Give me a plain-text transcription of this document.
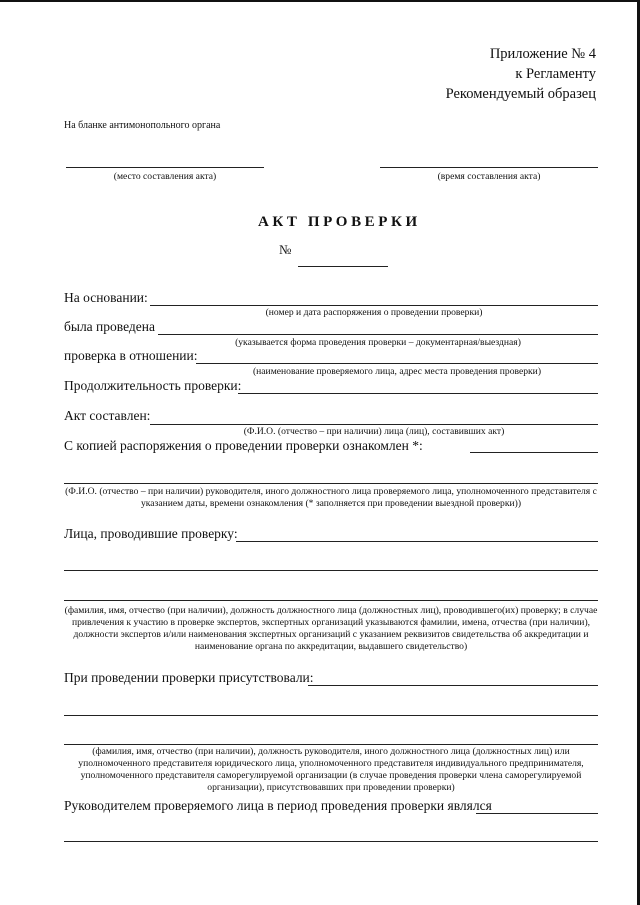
Приложение № 4
к Регламенту
Рекомендуемый образец
На бланке антимонопольного органа
(место составления акта)	(время составления акта)
АКТ ПРОВЕРКИ
№
На основании:
(номер и дата распоряжения о проведении проверки)
была проведена
(указывается форма проведения проверки – документарная/выездная)
проверка в отношении:
(наименование проверяемого лица, адрес места проведения проверки)
Продолжительность проверки:
Акт составлен:
(Ф.И.О. (отчество – при наличии) лица (лиц), составивших акт)
С копией распоряжения о проведении проверки ознакомлен *:
(Ф.И.О. (отчество – при наличии) руководителя, иного должностного лица проверяемого лица, уполномоченного представителя с указанием даты, времени ознакомления (* заполняется при проведении выездной проверки))
Лица, проводившие проверку:
(фамилия, имя, отчество (при наличии), должность должностного лица (должностных лиц), проводившего(их) проверку; в случае привлечения к участию в проверке экспертов, экспертных организаций указываются фамилии, имена, отчества (при наличии), должности экспертов и/или наименования экспертных организаций с указанием реквизитов свидетельства об аккредитации и наименование органа по аккредитации, выдавшего свидетельство)
При проведении проверки присутствовали:
(фамилия, имя, отчество (при наличии), должность руководителя, иного должностного лица (должностных лиц) или уполномоченного представителя юридического лица, уполномоченного представителя индивидуального предпринимателя, уполномоченного представителя саморегулируемой организации (в случае проведения проверки члена саморегулируемой организации), присутствовавших при проведении проверки)
Руководителем проверяемого лица в период проведения проверки являлся
